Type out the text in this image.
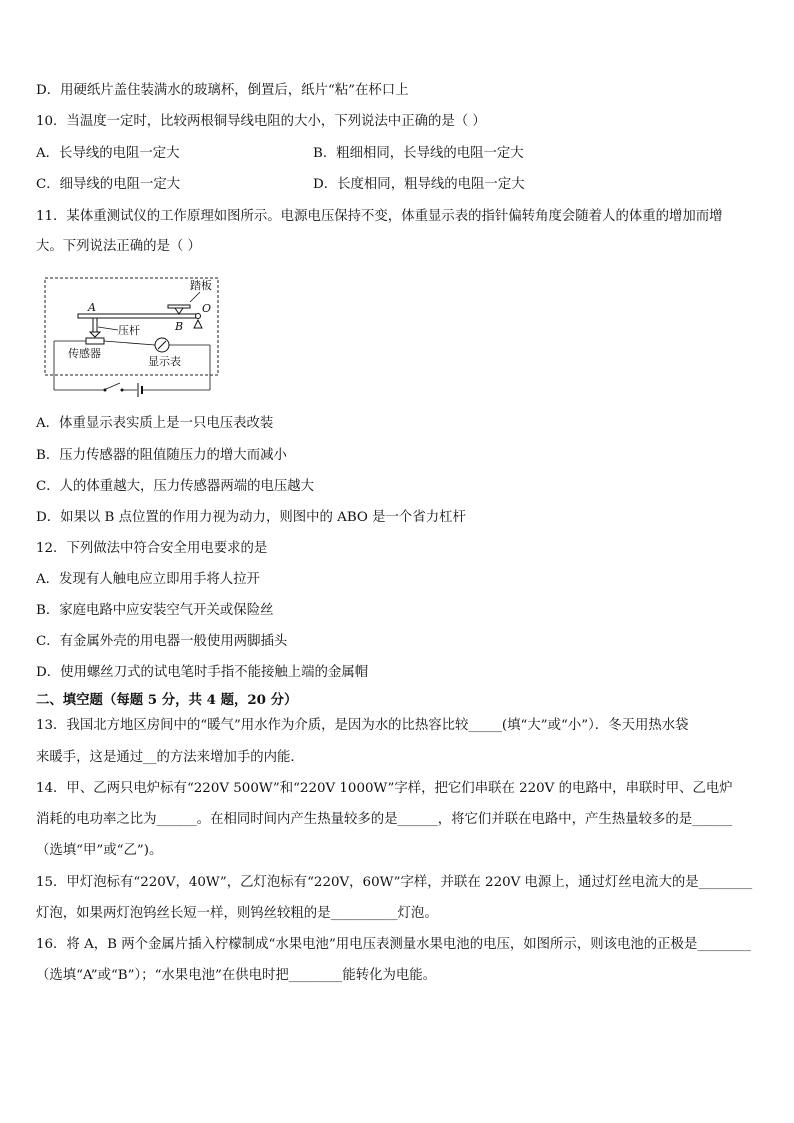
D．用硬纸片盖住装满水的玻璃杯，倒置后，纸片“粘”在杯口上
10．当温度一定时，比较两根铜导线电阻的大小，下列说法中正确的是（ ）
A．长导线的电阻一定大	B．粗细相同，长导线的电阻一定大
C．细导线的电阻一定大	D．长度相同，粗导线的电阻一定大
11．某体重测试仪的工作原理如图所示。电源电压保持不变，体重显示表的指针偏转角度会随着人的体重的增加而增
大。下列说法正确的是（ ）
踏板
O
B
A
压杆
传感器
显示表
A．体重显示表实质上是一只电压表改装
B．压力传感器的阻值随压力的增大而减小
C．人的体重越大，压力传感器两端的电压越大
D．如果以 B 点位置的作用力视为动力，则图中的 ABO 是一个省力杠杆
12．下列做法中符合安全用电要求的是
A．发现有人触电应立即用手将人拉开
B．家庭电路中应安装空气开关或保险丝
C．有金属外壳的用电器一般使用两脚插头
D．使用螺丝刀式的试电笔时手指不能接触上端的金属帽
二、填空题（每题 5 分，共 4 题，20 分）
13．我国北方地区房间中的“暖气”用水作为介质，是因为水的比热容比较_____(填“大”或“小”）．冬天用热水袋
来暖手，这是通过__的方法来增加手的内能．
14．甲、乙两只电炉标有“220V 500W”和“220V 1000W”字样，把它们串联在 220V 的电路中，串联时甲、乙电炉
消耗的电功率之比为______。在相同时间内产生热量较多的是______，将它们并联在电路中，产生热量较多的是______
（选填“甲”或“乙”)。
15．甲灯泡标有“220V，40W”，乙灯泡标有“220V，60W”字样，并联在 220V 电源上，通过灯丝电流大的是________
灯泡，如果两灯泡钨丝长短一样，则钨丝较粗的是__________灯泡。
16．将 A，B 两个金属片插入柠檬制成“水果电池”用电压表测量水果电池的电压，如图所示，则该电池的正极是________
（选填“A”或“B”）；“水果电池”在供电时把________能转化为电能。
